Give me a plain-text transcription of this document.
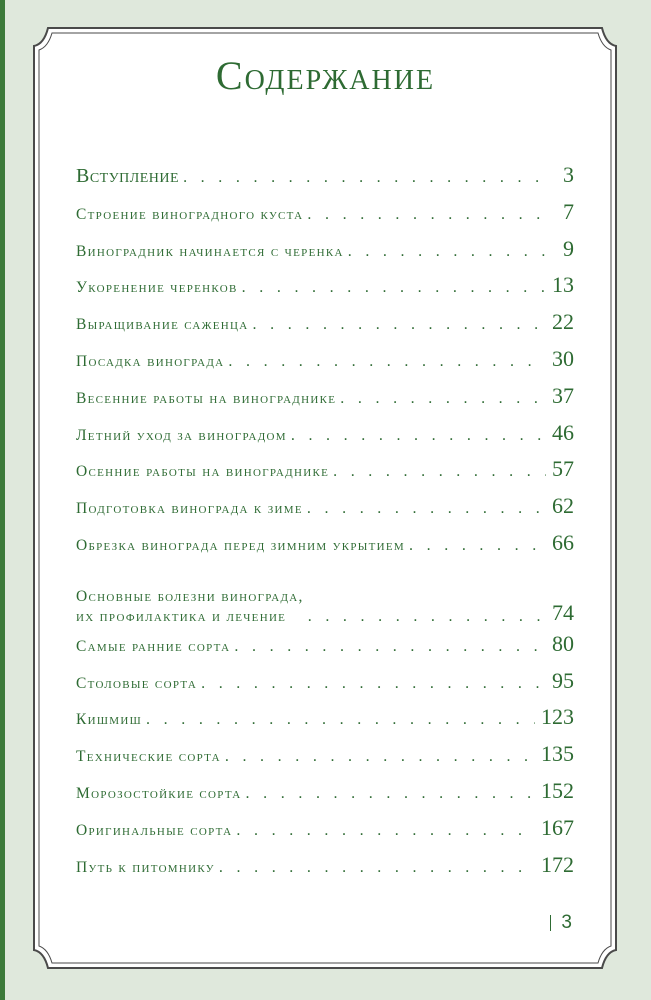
Содержание
Вступление . . .	3
Строение виноградного куста . . .	7
Виноградник начинается с черенка . . .	9
Укоренение черенков . . .	13
Выращивание саженца . . .	22
Посадка винограда . . .	30
Весенние работы на винограднике . . .	37
Летний уход за виноградом . . .	46
Осенние работы на винограднике . . .	57
Подготовка винограда к зиме . . .	62
Обрезка винограда перед зимним укрытием . . .	66
Основные болезни винограда,
их профилактика и лечение . . .	74
Самые ранние сорта . . .	80
Столовые сорта . . .	95
Кишмиш . . .	123
Технические сорта . . .	135
Морозостойкие сорта . . .	152
Оригинальные сорта . . .	167
Путь к питомнику . . .	172
3
